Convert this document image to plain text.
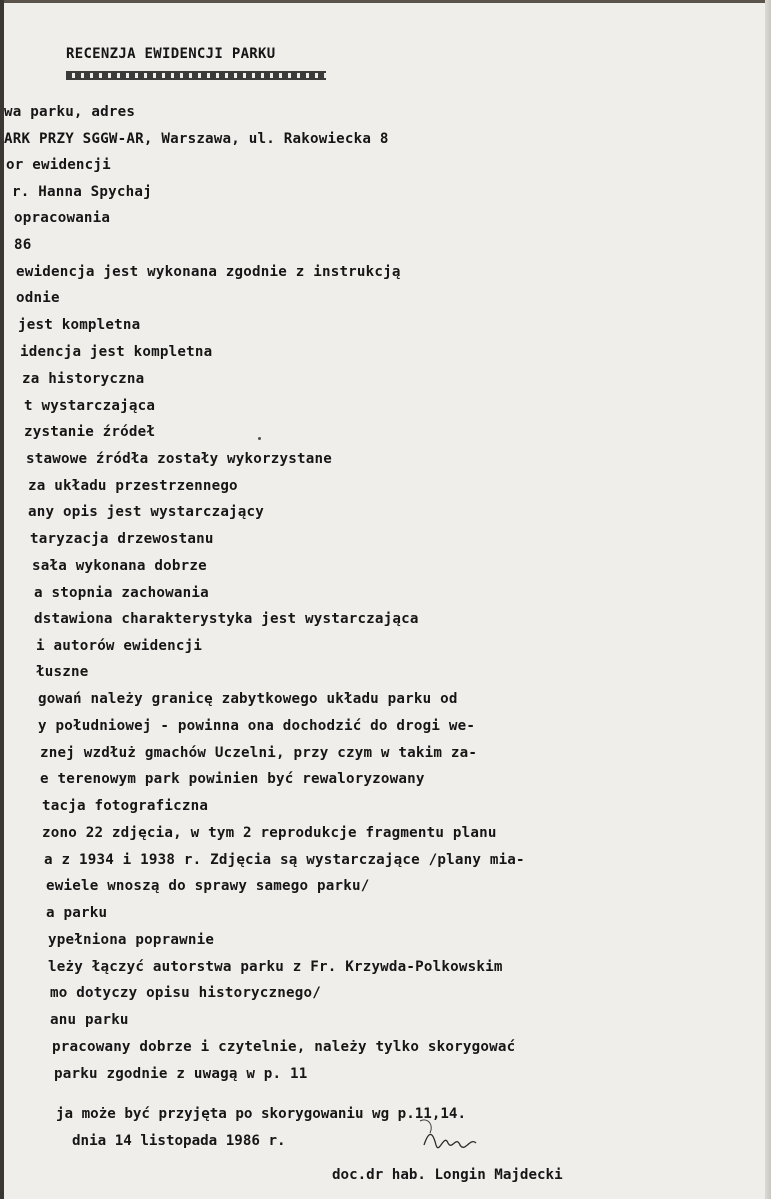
RECENZJA EWIDENCJI PARKU
wa parku, adres
ARK PRZY SGGW-AR, Warszawa, ul. Rakowiecka 8
or ewidencji
r. Hanna Spychaj
opracowania
86
ewidencja jest wykonana zgodnie z instrukcją
odnie
jest kompletna
idencja jest kompletna
za historyczna
t wystarczająca
zystanie źródeł
stawowe źródła zostały wykorzystane
za układu przestrzennego
any opis jest wystarczający
taryzacja drzewostanu
sała wykonana dobrze
a stopnia zachowania
dstawiona charakterystyka jest wystarczająca
i autorów ewidencji
łuszne
gowań należy granicę zabytkowego układu parku od
y południowej - powinna ona dochodzić do drogi we-
znej wzdłuż gmachów Uczelni, przy czym w takim za-
e terenowym park powinien być rewaloryzowany
tacja fotograficzna
zono 22 zdjęcia, w tym 2 reprodukcje fragmentu planu
a z 1934 i 1938 r. Zdjęcia są wystarczające /plany mia-
ewiele wnoszą do sprawy samego parku/
a parku
ypełniona poprawnie
leży łączyć autorstwa parku z Fr. Krzywda-Polkowskim
mo dotyczy opisu historycznego/
anu parku
pracowany dobrze i czytelnie, należy tylko skorygować
parku zgodnie z uwagą w p. 11
ja może być przyjęta po skorygowaniu wg p.11,14.
dnia 14 listopada 1986 r.
doc.dr hab. Longin Majdecki
